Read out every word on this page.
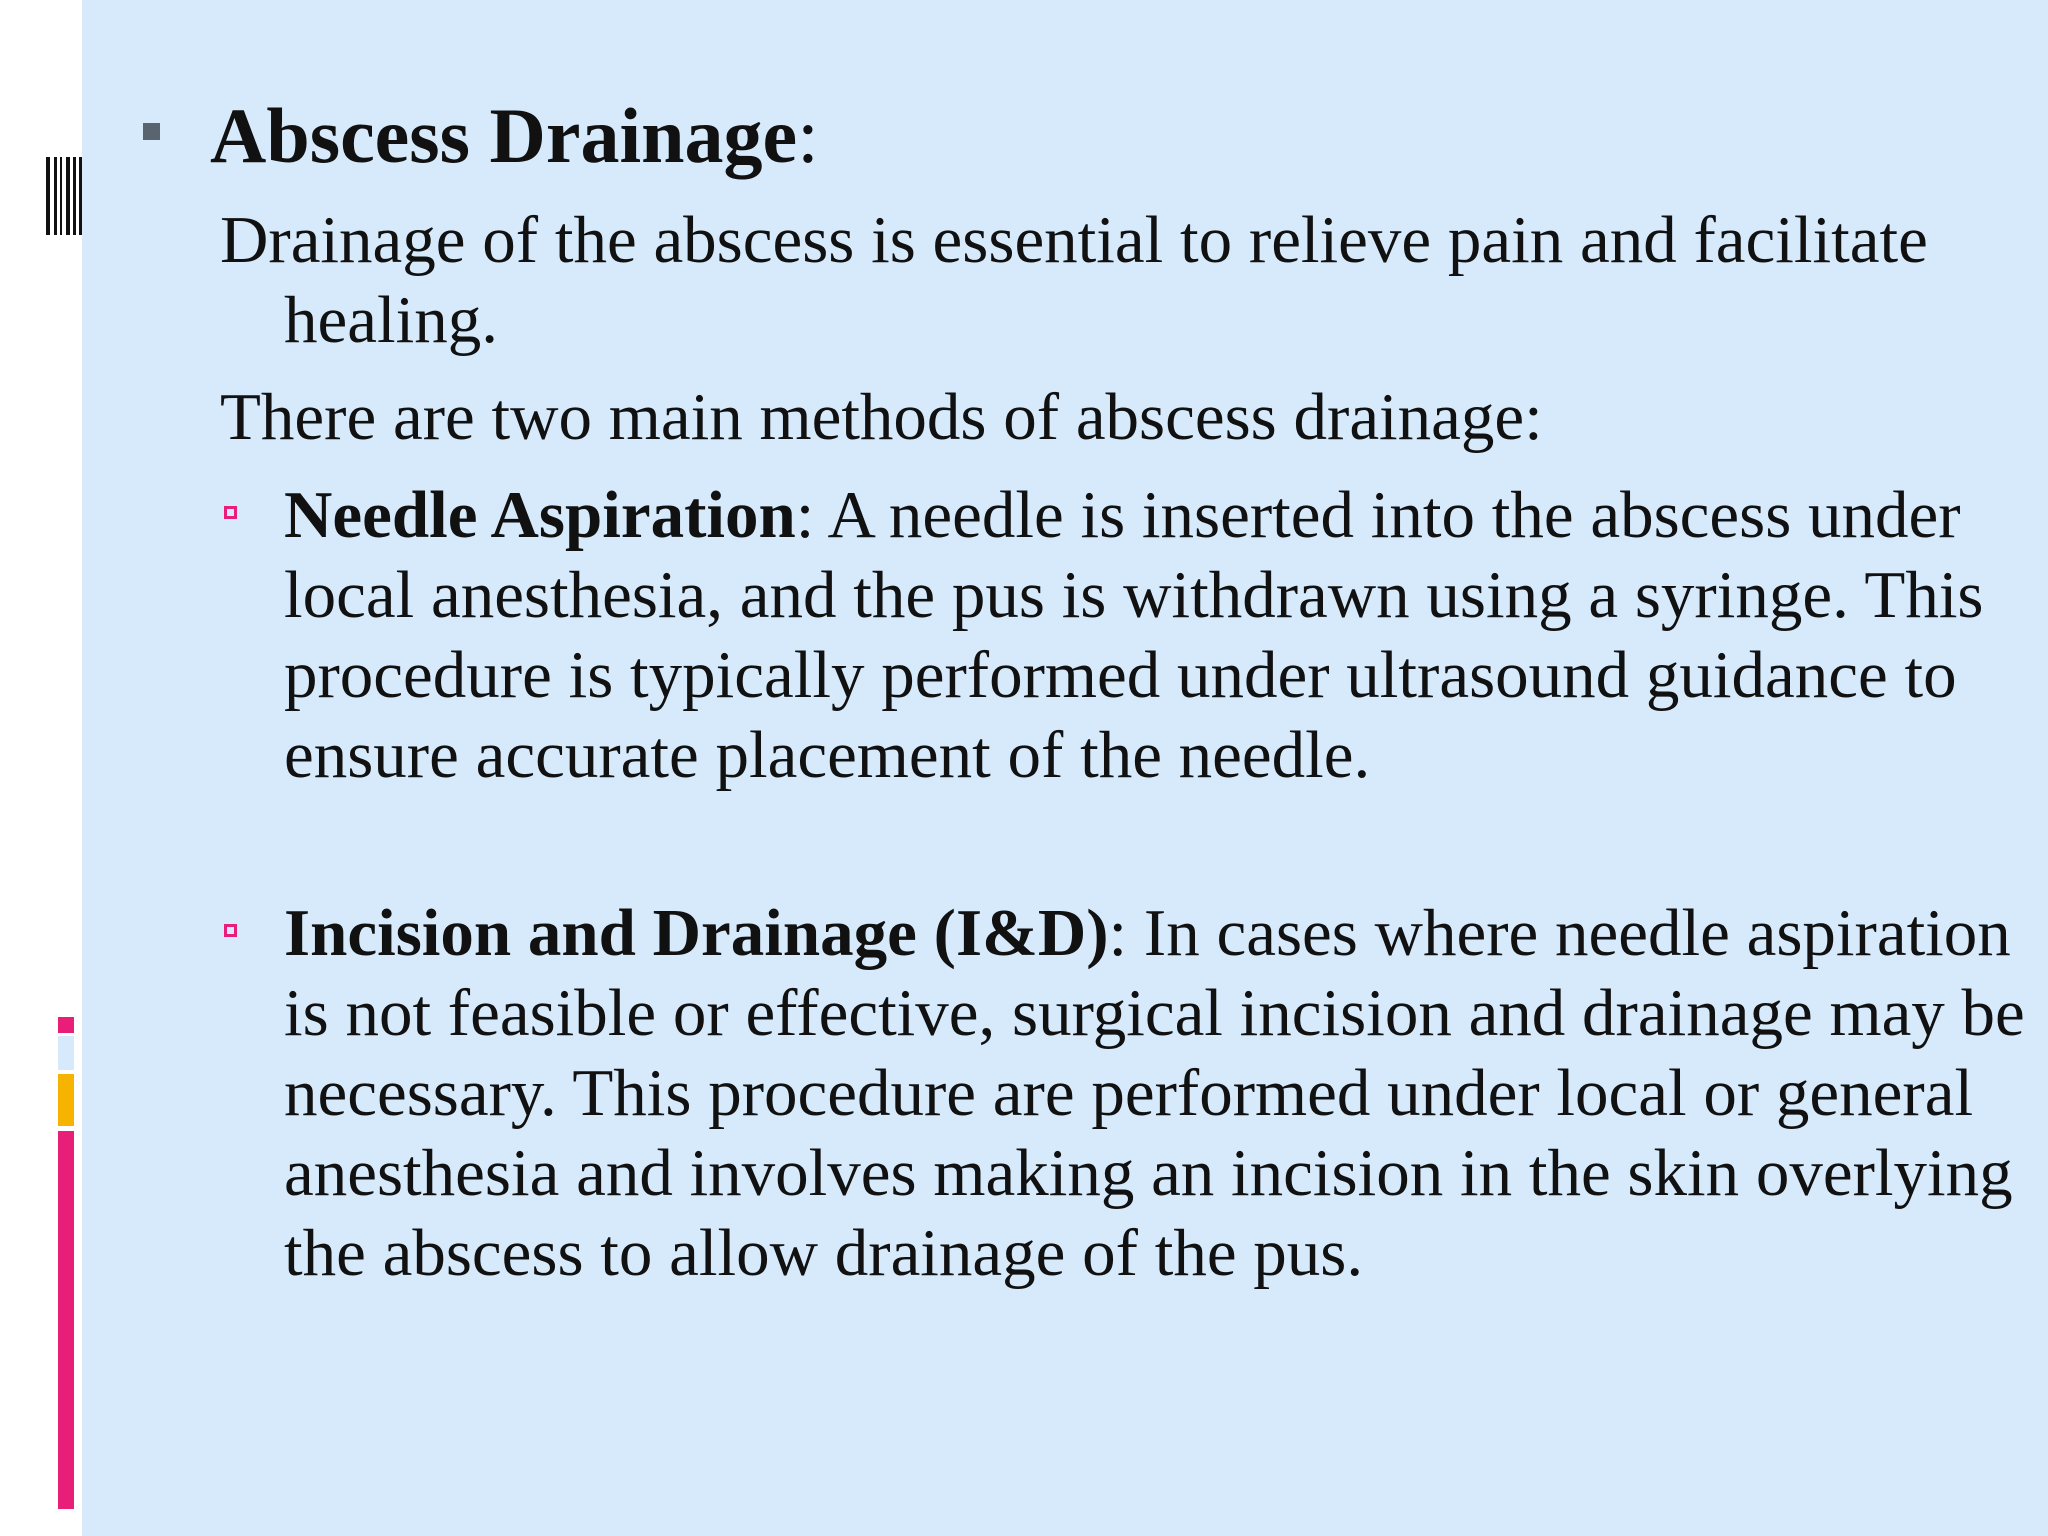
Abscess Drainage:
Drainage of the abscess is essential to relieve pain and facilitate healing.
There are two main methods of abscess drainage:
Needle Aspiration: A needle is inserted into the abscess under local anesthesia, and the pus is withdrawn using a syringe. This procedure is typically performed under ultrasound guidance to ensure accurate placement of the needle.
Incision and Drainage (I&D): In cases where needle aspiration is not feasible or effective, surgical incision and drainage may be necessary. This procedure are performed under local or general anesthesia and involves making an incision in the skin overlying the abscess to allow drainage of the pus.
